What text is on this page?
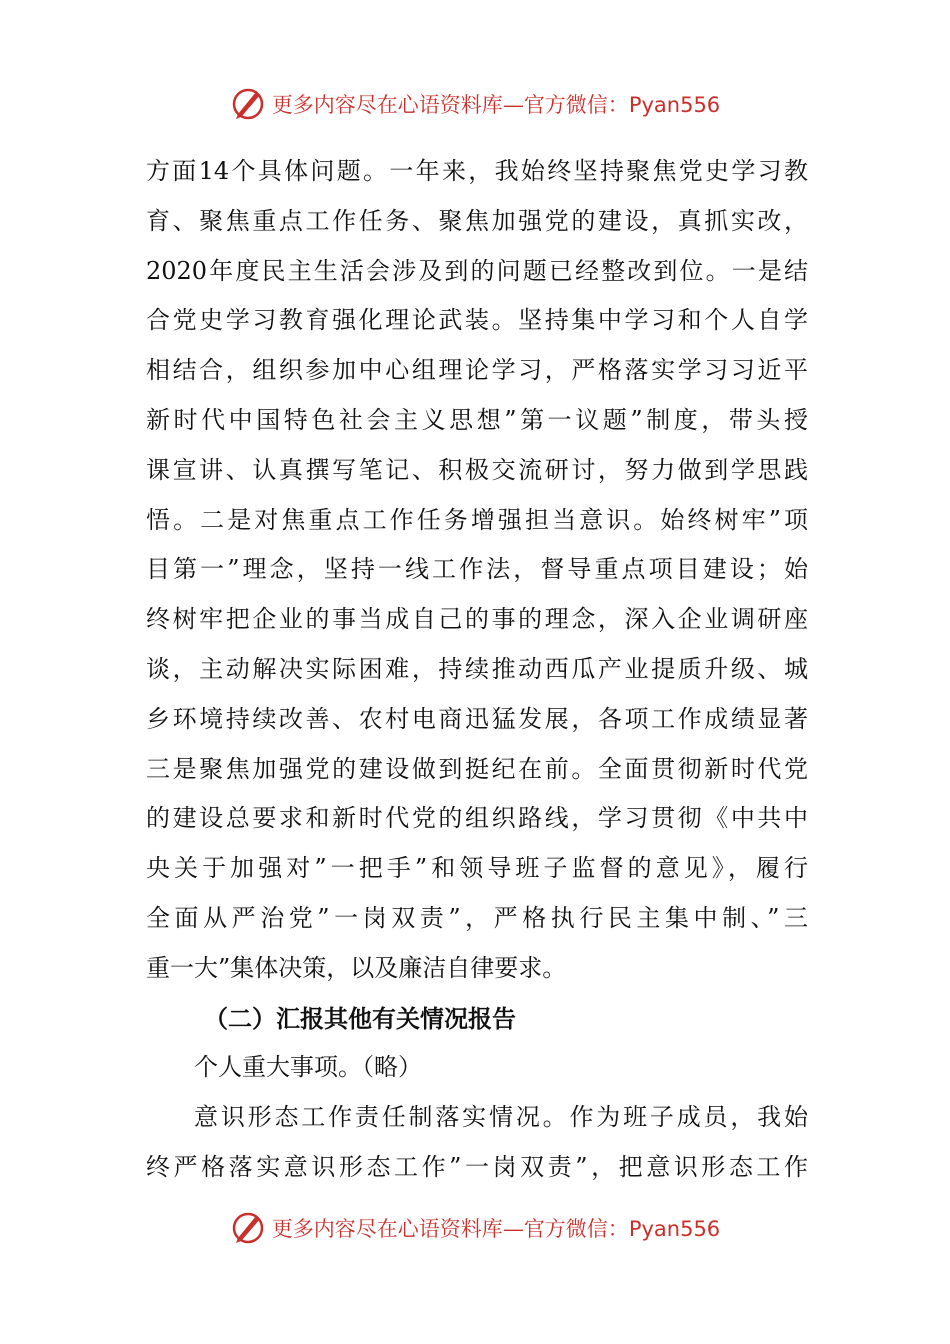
更多内容尽在心语资料库—官方微信：Pyan556
方面14个具体问题。一年来，我始终坚持聚焦党史学习教
育、聚焦重点工作任务、聚焦加强党的建设，真抓实改，
2020年度民主生活会涉及到的问题已经整改到位。一是结
合党史学习教育强化理论武装。坚持集中学习和个人自学
相结合，组织参加中心组理论学习，严格落实学习习近平
新时代中国特色社会主义思想”第一议题”制度，带头授
课宣讲、认真撰写笔记、积极交流研讨，努力做到学思践
悟。二是对焦重点工作任务增强担当意识。始终树牢”项
目第一”理念，坚持一线工作法，督导重点项目建设；始
终树牢把企业的事当成自己的事的理念，深入企业调研座
谈，主动解决实际困难，持续推动西瓜产业提质升级、城
乡环境持续改善、农村电商迅猛发展，各项工作成绩显著
三是聚焦加强党的建设做到挺纪在前。全面贯彻新时代党
的建设总要求和新时代党的组织路线，学习贯彻《中共中
央关于加强对”一把手”和领导班子监督的意见》，履行
全面从严治党”一岗双责”，严格执行民主集中制、”三
重一大”集体决策，以及廉洁自律要求。
（二）汇报其他有关情况报告
个人重大事项。（略）
意识形态工作责任制落实情况。作为班子成员，我始
终严格落实意识形态工作”一岗双责”，把意识形态工作
更多内容尽在心语资料库—官方微信：Pyan556
